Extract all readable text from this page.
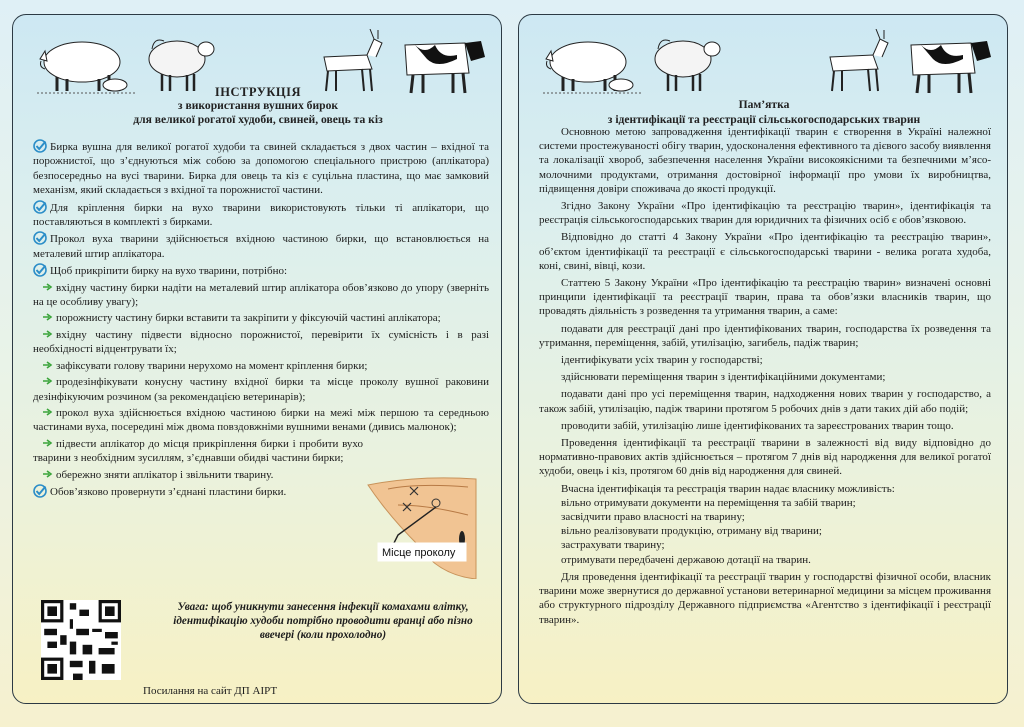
ІНСТРУКЦІЯ
з використання вушних бирок
для великої рогатої худоби, свиней, овець та кіз

Бирка вушна для великої рогатої худоби та свиней складається з двох частин – вхідної та порожнистої, що з’єднуються між собою за допомогою спеціального пристрою (аплікатора) безпосередньо на вусі тварини. Бирка для овець та кіз є суцільна пластина, що має замковий механізм, який складається з вхідної та порожнистої частини.

Для кріплення бирки на вухо тварини використовують тільки ті аплікатори, що поставляються в комплекті з бирками.

Прокол вуха тварини здійснюється вхідною частиною бирки, що встановлюється на металевий штир аплікатора.

Щоб прикріпити бирку на вухо тварини, потрібно:

вхідну частину бирки надіти на металевий штир аплікатора обов’язково до упору (зверніть на це особливу увагу);

порожнисту частину бирки вставити та закріпити у фіксуючій частині аплікатора;

вхідну частину підвести відносно порожнистої, перевірити їх сумісність і в разі необхідності відцентрувати їх;

зафіксувати голову тварини нерухомо на момент кріплення бирки;

продезінфікувати конусну частину вхідної бирки та місце проколу вушної раковини дезінфікуючим розчином (за рекомендацією ветеринарів);

прокол вуха здійснюється вхідною частиною бирки на межі між першою та середньою частинами вуха, посередині між двома повздовжніми вушними венами (дивись малюнок);

підвести аплікатор до місця прикріплення бирки і пробити вухо тварини з необхідним зусиллям, з’єднавши обидві частини бирки;

обережно зняти аплікатор і звільнити тварину.

Обов’язково провернути з’єднані пластини бирки.

Місце проколу
Увага: щоб уникнути занесення інфекції комахами влітку, ідентифікацію худоби потрібно проводити вранці або пізно ввечері (коли прохолодно)
Посилання на сайт ДП АІРТ
Пам’ятка
з ідентифікації та реєстрації сільськогосподарських тварин

Основною метою запровадження ідентифікації тварин є створення в Україні належної системи простежуваності обігу тварин, удосконалення ефективного та дієвого засобу виявлення та локалізації хвороб, забезпечення населення України високоякісними та безпечними м’ясо-молочними продуктами, отримання достовірної інформації про умови їх виробництва, підвищення довіри споживача до якості продукції.

Згідно Закону України «Про ідентифікацію та реєстрацію тварин», ідентифікація та реєстрація сільськогосподарських тварин для юридичних та фізичних осіб є обов’язковою.

Відповідно до статті 4 Закону України «Про ідентифікацію та реєстрацію тварин», об’єктом ідентифікації та реєстрації є сільськогосподарські тварини - велика рогата худоба, коні, свині, вівці, кози.

Статтею 5 Закону України «Про ідентифікацію та реєстрацію тварин» визначені основні принципи ідентифікації та реєстрації тварин, права та обов’язки власників тварин, що провадять діяльність з розведення та утримання тварин, а саме:

подавати для реєстрації дані про ідентифікованих тварин, господарства їх розведення та утримання, переміщення, забій, утилізацію, загибель, падіж тварин;

ідентифікувати усіх тварин у господарстві;

здійснювати переміщення тварин з ідентифікаційними документами;

подавати дані про усі переміщення тварин, надходження нових тварин у господарство, а також забій, утилізацію, падіж тварини протягом 5 робочих днів з дати таких дій або подій;

проводити забій, утилізацію лише ідентифікованих та зареєстрованих тварин тощо.

Проведення ідентифікації та реєстрації тварини в залежності від виду відповідно до нормативно-правових актів здійснюється – протягом 7 днів від народження для великої рогатої худоби, овець і кіз, протягом 60 днів від народження для свиней.

Вчасна ідентифікація та реєстрація тварин надає власнику можливість:

вільно отримувати документи на переміщення та забій тварин;

засвідчити право власності на тварину;

вільно реалізовувати продукцію, отриману від тварини;

застрахувати тварину;

отримувати передбачені державою дотації на тварин.

Для проведення ідентифікації та реєстрації тварин у господарстві фізичної особи, власник тварини може звернутися до державної установи ветеринарної медицини за місцем проживання або структурного підрозділу Державного підприємства «Агентство з ідентифікації і реєстрації тварин».
